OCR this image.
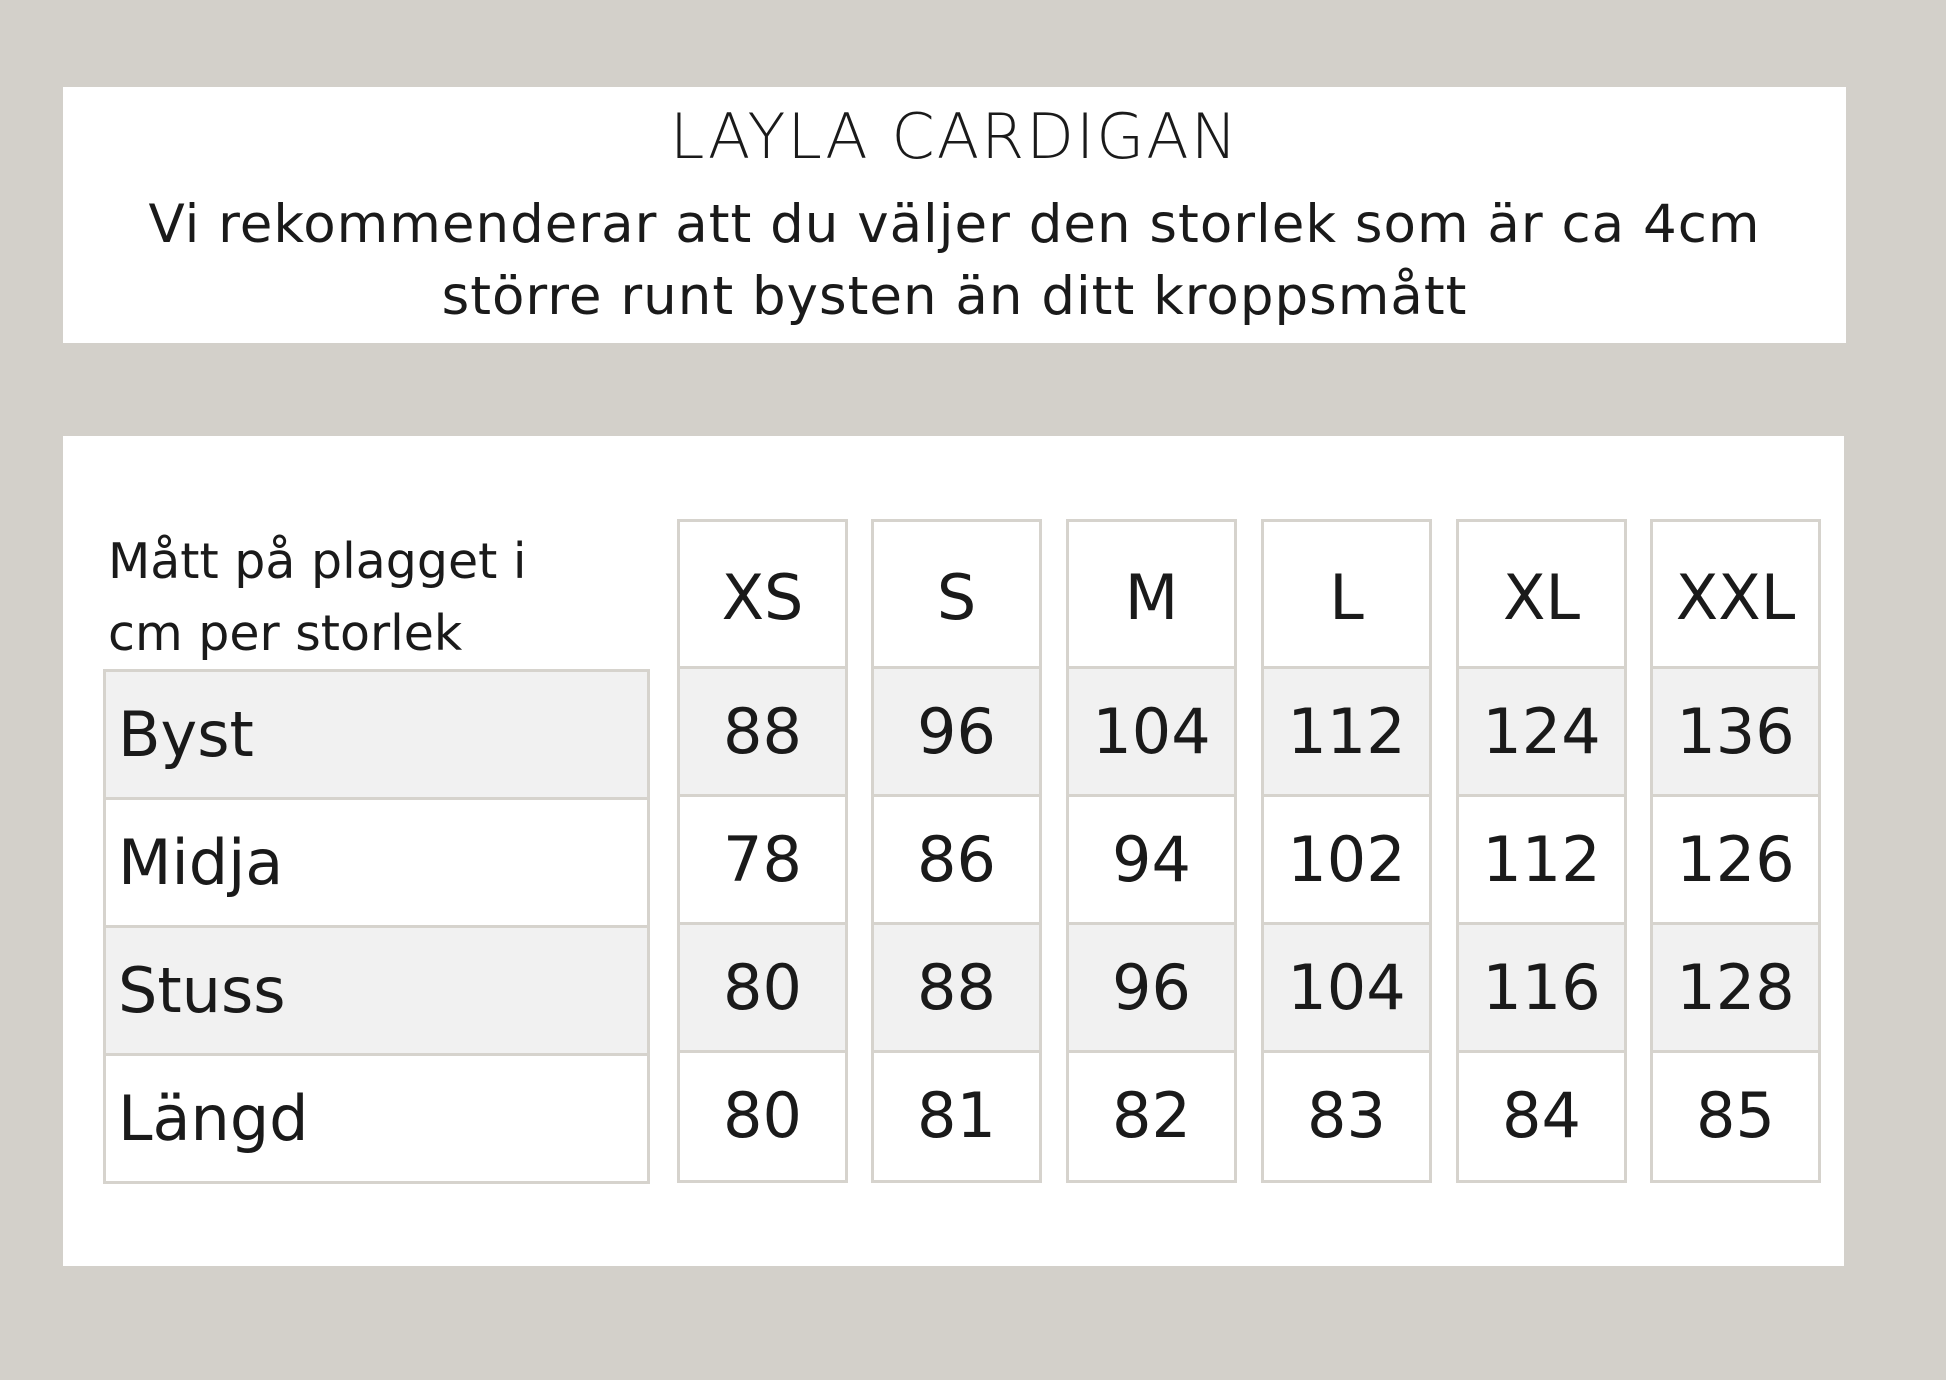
LAYLA CARDIGAN
Vi rekommenderar att du väljer den storlek som är ca 4cm
större runt bysten än ditt kroppsmått
Mått på plagget i
cm per storlek
Byst
Midja
Stuss
Längd
XS
88
78
80
80
S
96
86
88
81
M
104
94
96
82
L
112
102
104
83
XL
124
112
116
84
XXL
136
126
128
85
